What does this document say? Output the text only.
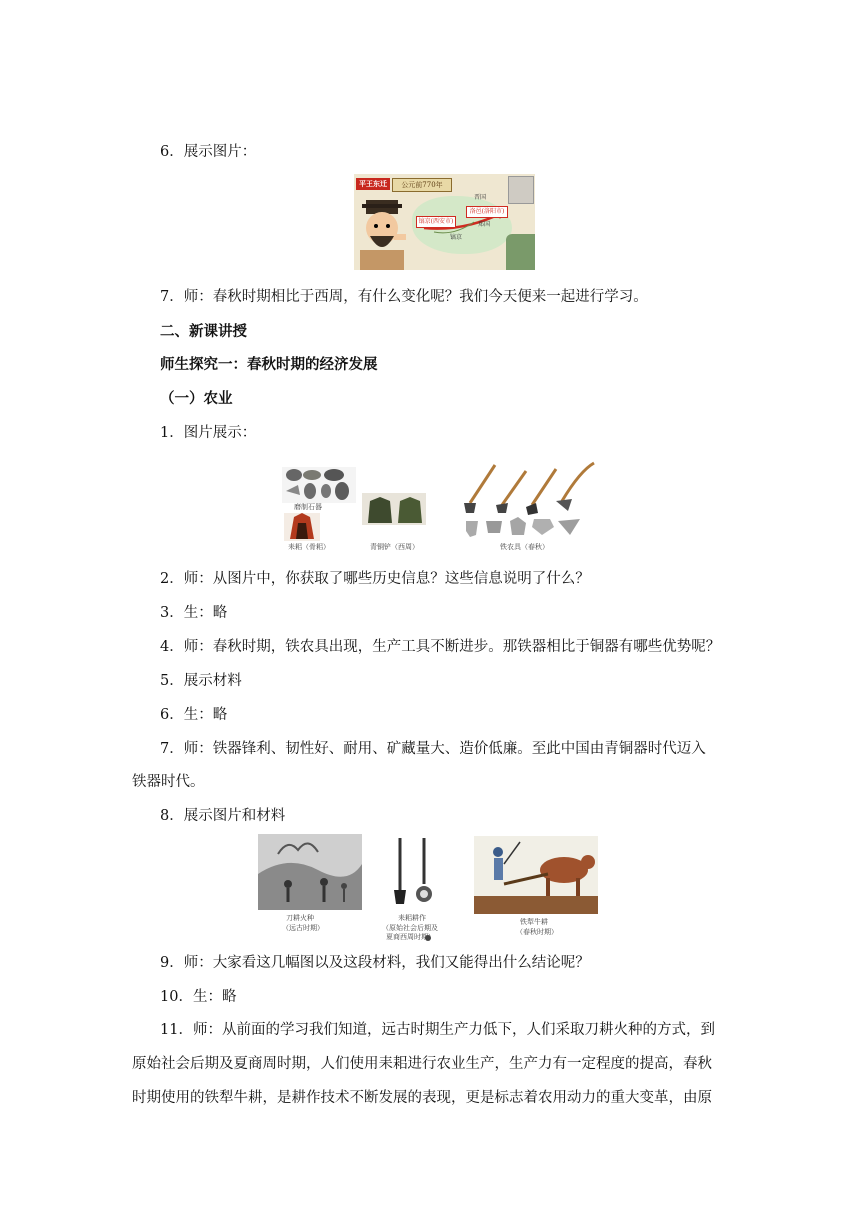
6．展示图片：
平王东迁	公元前770年
镐京(西安市)
洛邑(洛阳市)
晋国
郑国
镐京
7．师：春秋时期相比于西周，有什么变化呢？我们今天便来一起进行学习。
二、新课讲授
师生探究一：春秋时期的经济发展
（一）农业
1．图片展示：
磨制石器
耒耜（骨耜）	青铜铲（西周）	铁农具（春秋）
2．师：从图片中，你获取了哪些历史信息？这些信息说明了什么？
3．生：略
4．师：春秋时期，铁农具出现，生产工具不断进步。那铁器相比于铜器有哪些优势呢？
5．展示材料
6．生：略
7．师：铁器锋利、韧性好、耐用、矿藏量大、造价低廉。至此中国由青铜器时代迈入
铁器时代。
8．展示图片和材料
刀耕火种
（远古时期）
耒耜耕作
（原始社会后期及
夏商西周时期）
铁犁牛耕
（春秋时期）
9．师：大家看这几幅图以及这段材料，我们又能得出什么结论呢？
10．生：略
11．师：从前面的学习我们知道，远古时期生产力低下，人们采取刀耕火种的方式，到
原始社会后期及夏商周时期，人们使用耒耜进行农业生产，生产力有一定程度的提高，春秋
时期使用的铁犁牛耕，是耕作技术不断发展的表现，更是标志着农用动力的重大变革，由原
